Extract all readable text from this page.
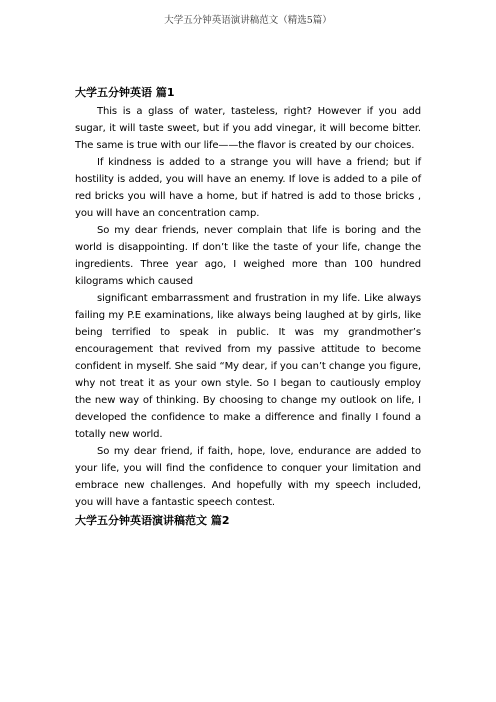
大学五分钟英语演讲稿范文（精选5篇）
大学五分钟英语 篇1

This is a glass of water, tasteless, right? However if you add sugar, it will taste sweet, but if you add vinegar, it will become bitter. The same is true with our life——the flavor is created by our choices.

If kindness is added to a strange you will have a friend; but if hostility is added, you will have an enemy. If love is added to a pile of red bricks you will have a home, but if hatred is add to those bricks , you will have an concentration camp.

So my dear friends, never complain that life is boring and the world is disappointing. If don’t like the taste of your life, change the ingredients. Three year ago, I weighed more than 100 hundred kilograms which caused

significant embarrassment and frustration in my life. Like always failing my P.E examinations, like always being laughed at by girls, like being terrified to speak in public. It was my grandmother’s encouragement that revived from my passive attitude to become confident in myself. She said “My dear, if you can’t change you figure, why not treat it as your own style. So I began to cautiously employ the new way of thinking. By choosing to change my outlook on life, I developed the confidence to make a difference and finally I found a totally new world.

So my dear friend, if faith, hope, love, endurance are added to your life, you will find the confidence to conquer your limitation and embrace new challenges. And hopefully with my speech included, you will have a fantastic speech contest.

大学五分钟英语演讲稿范文 篇2
